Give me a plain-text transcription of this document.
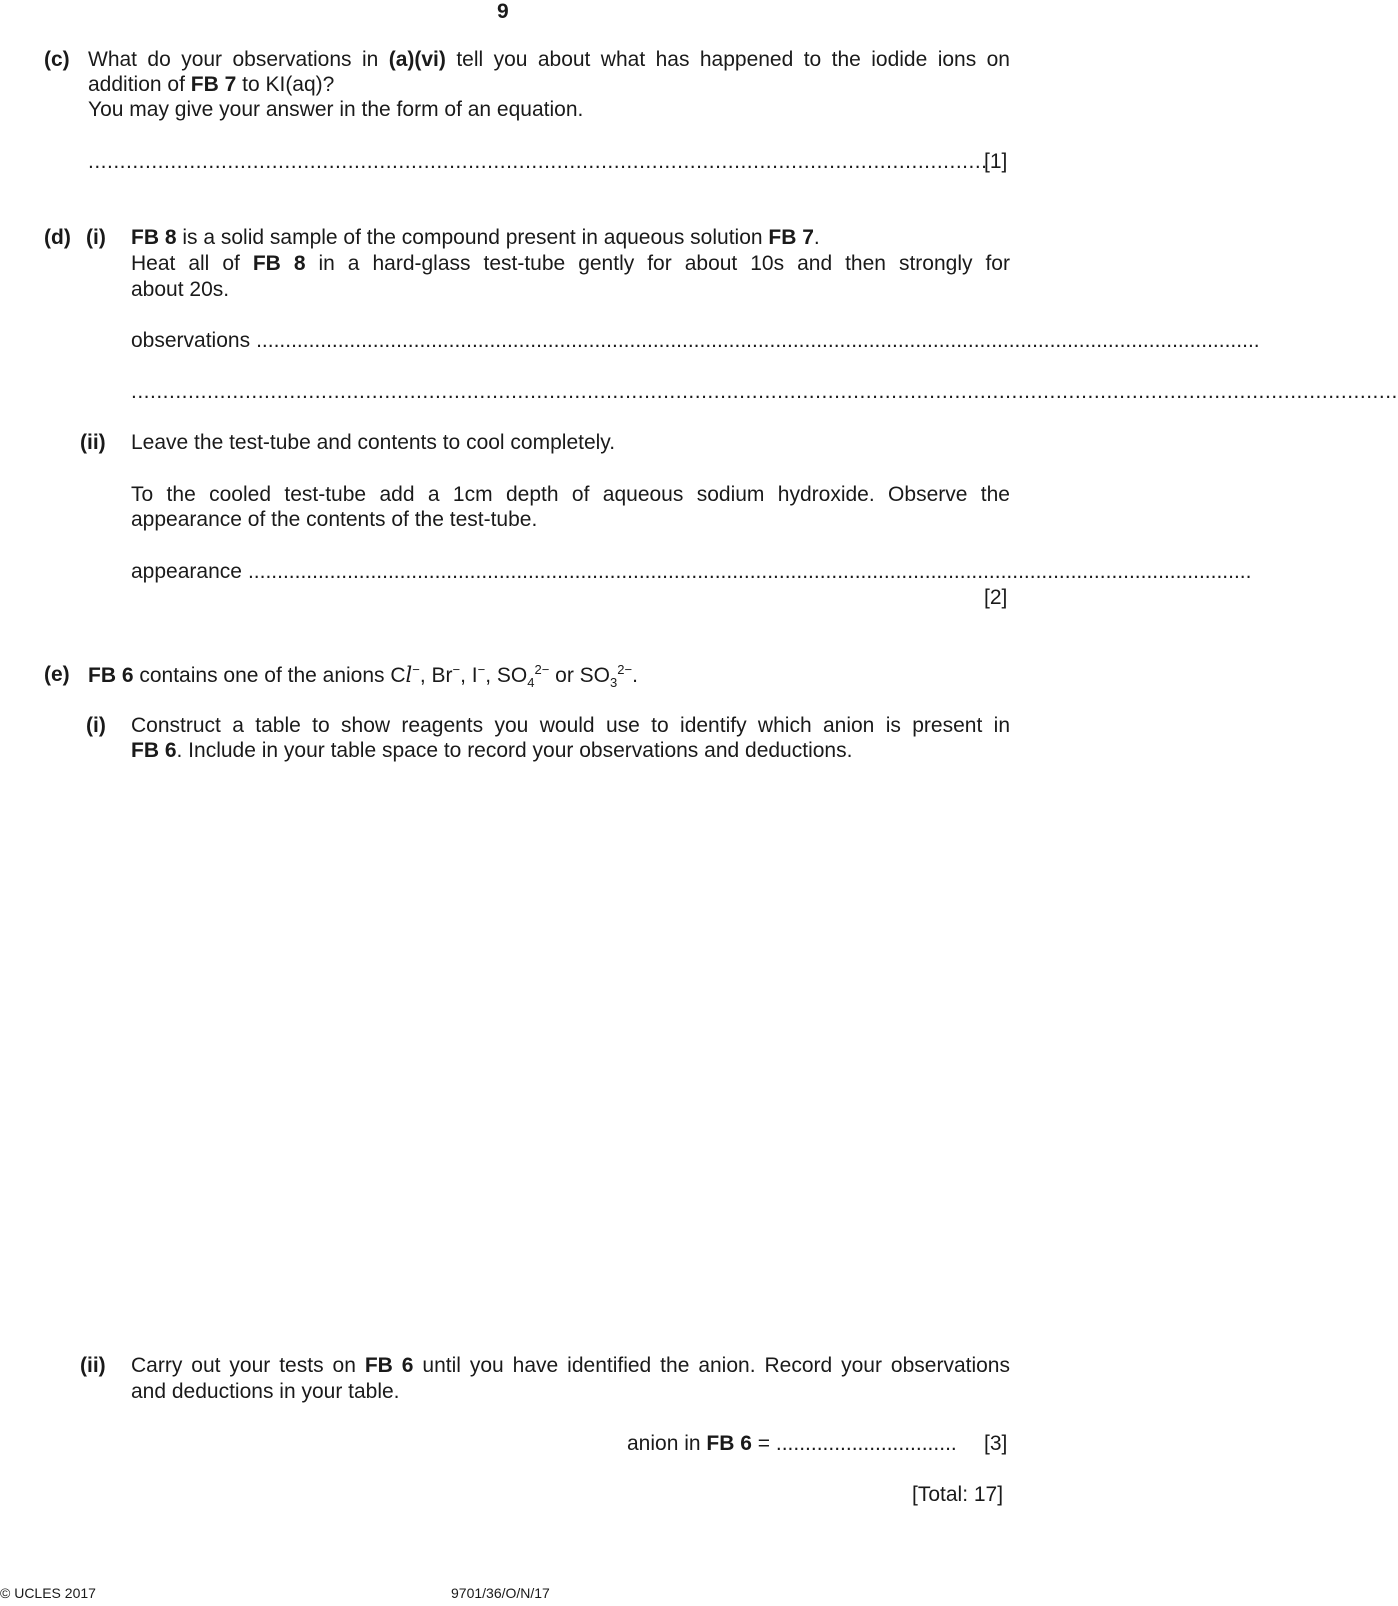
9
(c) What do your observations in (a)(vi) tell you about what has happened to the iodide ions on
addition of FB 7 to KI(aq)?
You may give your answer in the form of an equation.
..............................................................................................................................................
[1]
(d) (i) FB 8 is a solid sample of the compound present in aqueous solution FB 7.
Heat all of FB 8 in a hard-glass test-tube gently for about 10s and then strongly for
about 20s.
observations ............................................................................................................................................................................
........................................................................................................................................................................................................
(ii) Leave the test-tube and contents to cool completely.
To the cooled test-tube add a 1cm depth of aqueous sodium hydroxide. Observe the
appearance of the contents of the test-tube.
appearance ............................................................................................................................................................................
[2]
(e) FB 6 contains one of the anions Cl−, Br−, I−, $SO_4^{2-}$ or $SO_3^{2-}$.
(i) Construct a table to show reagents you would use to identify which anion is present in
FB 6. Include in your table space to record your observations and deductions.
(ii) Carry out your tests on FB 6 until you have identified the anion. Record your observations
and deductions in your table.
anion in FB 6 = ............................... [3]
[Total: 17]
© UCLES 2017	9701/36/O/N/17
